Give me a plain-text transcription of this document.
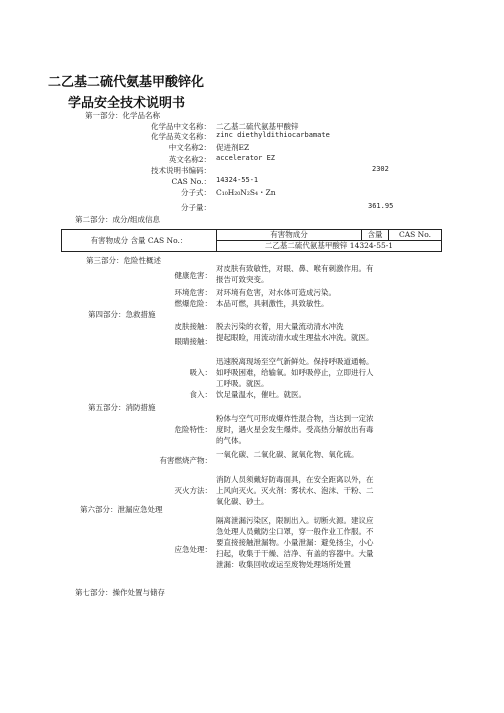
二乙基二硫代氨基甲酸锌化
学品安全技术说明书
第一部分：化学品名称
化学品中文名称： 二乙基二硫代氨基甲酸锌
化学品英文名称： zinc diethyldithiocarbamate
中文名称2： 促进剂EZ
英文名称2： accelerator EZ
技术说明书编码：	2302
CAS No.： 14324-55-1
分子式： C₁₀H₂₀N₂S₄・Zn
分子量：	361.95
第二部分：成分/组成信息
有害物成分 含量 CAS No.：	有害物成分	含量	CAS No.
二乙基二硫代氨基甲酸锌 14324-55-1
第三部分：危险性概述
健康危害：
对皮肤有致敏性，对眼、鼻、喉有刺激作用。有报告可致突变。
环境危害： 对环境有危害，对水体可造成污染。
燃爆危险： 本品可燃，具刺激性，具致敏性。
第四部分：急救措施
皮肤接触： 脱去污染的衣着，用大量流动清水冲洗
眼睛接触： 提起眼睑，用流动清水或生理盐水冲洗。就医。
吸入：
迅速脱离现场至空气新鲜处。保持呼吸道通畅。如呼吸困难，给输氧。如呼吸停止，立即进行人工呼吸。就医。
食入： 饮足量温水，催吐。就医。
第五部分：消防措施
危险特性：
粉体与空气可形成爆炸性混合物，当达到一定浓度时，遇火星会发生爆炸。受高热分解放出有毒的气体。
有害燃烧产物：
一氧化碳、二氧化碳、氮氧化物、氧化硫。
灭火方法：
消防人员须戴好防毒面具，在安全距离以外，在上风向灭火。灭火剂：雾状水、泡沫、干粉、二氧化碳、砂土。
第六部分：泄漏应急处理
应急处理：
隔离泄漏污染区，限制出入。切断火源。建议应急处理人员戴防尘口罩，穿一般作业工作服。不要直接接触泄漏物。小量泄漏：避免扬尘，小心扫起，收集于干燥、洁净、有盖的容器中。大量泄漏：收集回收或运至废物处理场所处置
第七部分：操作处置与储存
